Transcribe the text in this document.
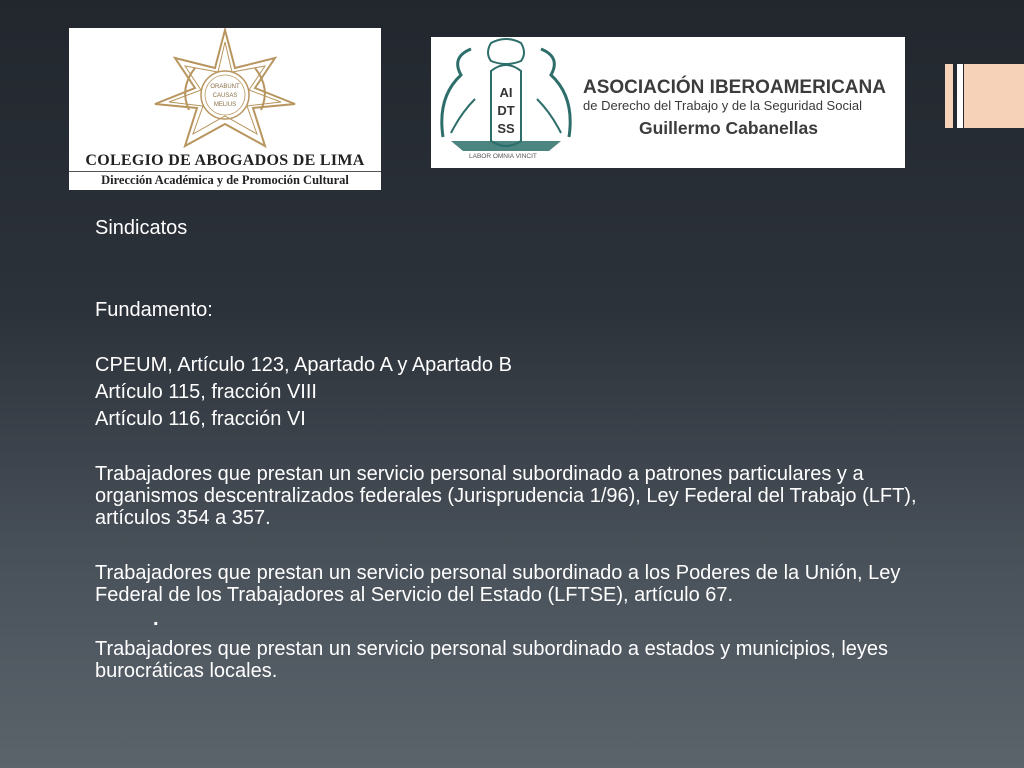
ORABUNT
CAUSAS
MELIUS
COLEGIO DE ABOGADOS DE LIMA
Dirección Académica y de Promoción Cultural
AI
DT
SS
LABOR OMNIA VINCIT
ASOCIACIÓN IBEROAMERICANA
de Derecho del Trabajo y de la Seguridad Social
Guillermo Cabanellas
Sindicatos
Fundamento:
CPEUM, Artículo 123, Apartado A y Apartado B
Artículo 115, fracción VIII
Artículo 116, fracción VI
Trabajadores que prestan un servicio personal subordinado a patrones particulares y a organismos descentralizados federales (Jurisprudencia 1/96), Ley Federal del Trabajo (LFT), artículos 354 a 357.
Trabajadores que prestan un servicio personal subordinado a los Poderes de la Unión, Ley Federal de los Trabajadores al Servicio del Estado (LFTSE), artículo 67.
Trabajadores que prestan un servicio personal subordinado a estados y municipios, leyes burocráticas locales.
.
